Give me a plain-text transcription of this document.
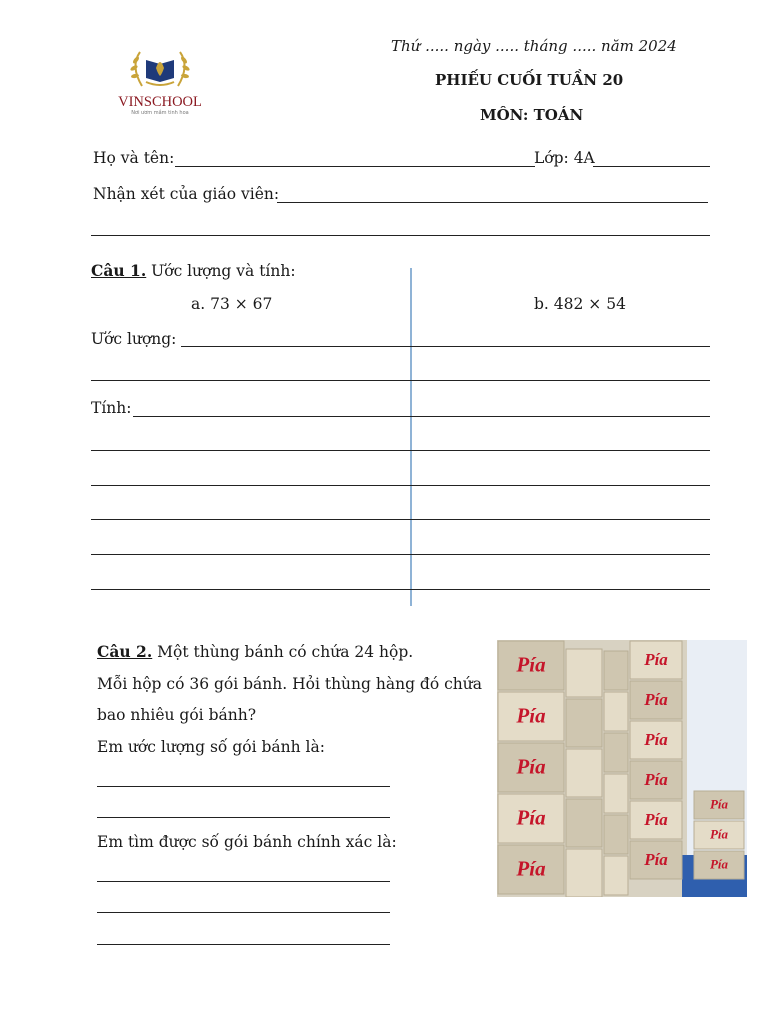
VINSCHOOL
Nơi ươm mầm tinh hoa
Thứ ..... ngày ..... tháng ..... năm 2024
PHIẾU CUỐI TUẦN 20
MÔN: TOÁN
Họ và tên:	Lớp: 4A
Nhận xét của giáo viên:
Câu 1. Ước lượng và tính:
a. 73 × 67	b. 482 × 54
Ước lượng:
Tính:
Câu 2. Một thùng bánh có chứa 24 hộp.
Mỗi hộp có 36 gói bánh. Hỏi thùng hàng đó chứa
bao nhiêu gói bánh?
Em ước lượng số gói bánh là:
Em tìm được số gói bánh chính xác là:
Pía
Pía
Pía
Pía
Pía
Pía
Pía
Pía
Pía
Pía
Pía
Pía
Pía
Pía
